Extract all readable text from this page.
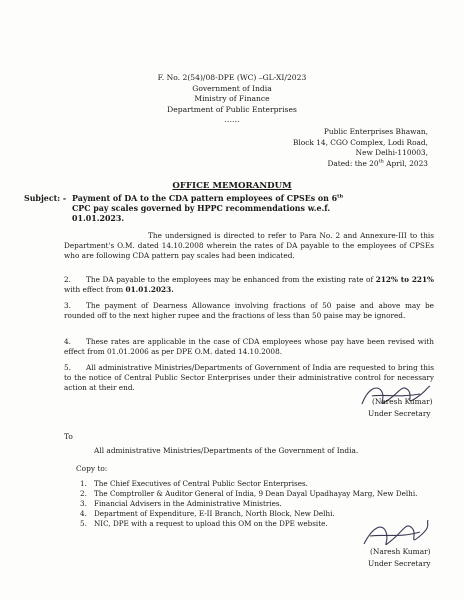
F. No. 2(54)/08-DPE (WC) –GL-XI/2023
Government of India
Ministry of Finance
Department of Public Enterprises
……
Public Enterprises Bhawan,
Block 14, CGO Complex, Lodi Road,
New Delhi-110003,
Dated: the 20th April, 2023
OFFICE MEMORANDUM
Subject: - Payment of DA to the CDA pattern employees of CPSEs on 6th
CPC pay scales governed by HPPC recommendations w.e.f.
01.01.2023.
The undersigned is directed to refer to Para No. 2 and Annexure-III to this Department's O.M. dated 14.10.2008 wherein the rates of DA payable to the employees of CPSEs who are following CDA pattern pay scales had been indicated.
2. The DA payable to the employees may be enhanced from the existing rate of 212% to 221% with effect from 01.01.2023.
3. The payment of Dearness Allowance involving fractions of 50 paise and above may be rounded off to the next higher rupee and the fractions of less than 50 paise may be ignored.
4. These rates are applicable in the case of CDA employees whose pay have been revised with effect from 01.01.2006 as per DPE O.M. dated 14.10.2008.
5. All administrative Ministries/Departments of Government of India are requested to bring this to the notice of Central Public Sector Enterprises under their administrative control for necessary action at their end.
(Naresh Kumar)
Under Secretary
To
All administrative Ministries/Departments of the Government of India.
Copy to:
1. The Chief Executives of Central Public Sector Enterprises.
2. The Comptroller & Auditor General of India, 9 Dean Dayal Upadhayay Marg, New Delhi.
3. Financial Advisers in the Administrative Ministries.
4. Department of Expenditure, E-II Branch, North Block, New Delhi.
5. NIC, DPE with a request to upload this OM on the DPE website.
(Naresh Kumar)
Under Secretary
